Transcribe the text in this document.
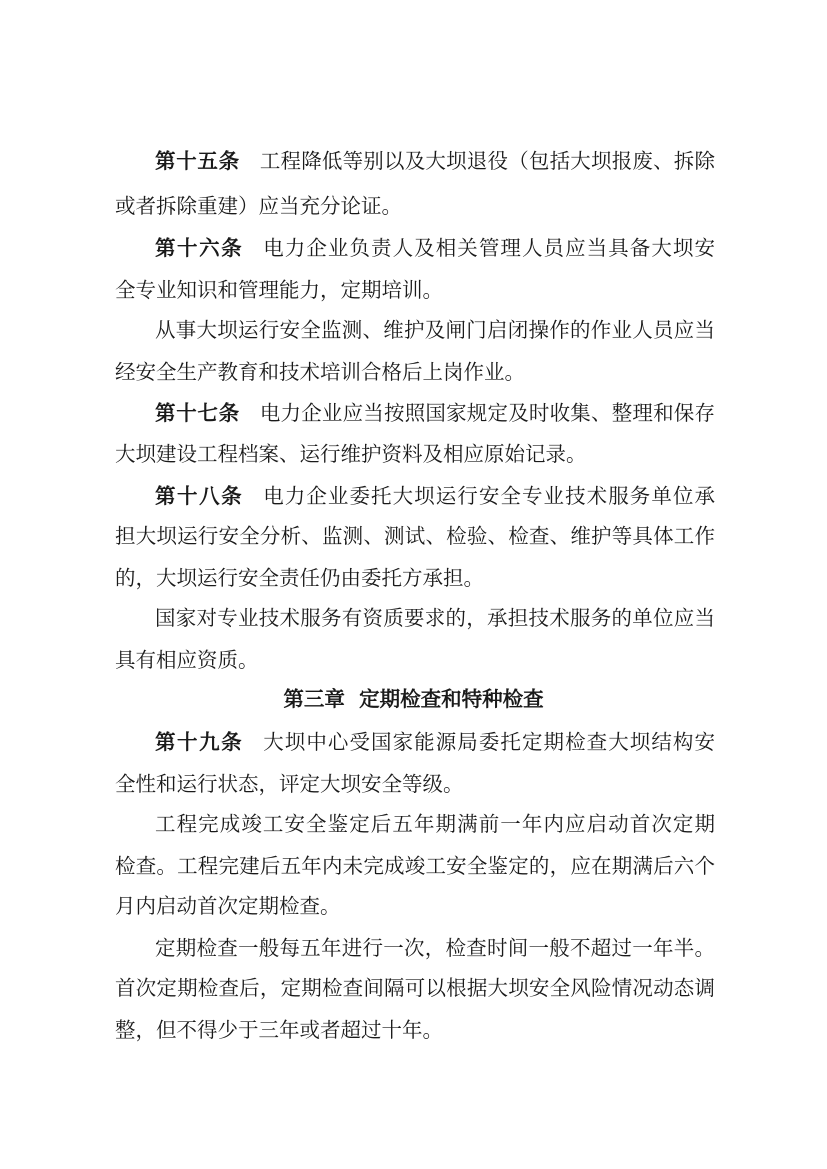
第十五条 工程降低等别以及大坝退役（包括大坝报废、拆除
或者拆除重建）应当充分论证。
第十六条 电力企业负责人及相关管理人员应当具备大坝安
全专业知识和管理能力，定期培训。
从事大坝运行安全监测、维护及闸门启闭操作的作业人员应当
经安全生产教育和技术培训合格后上岗作业。
第十七条 电力企业应当按照国家规定及时收集、整理和保存
大坝建设工程档案、运行维护资料及相应原始记录。
第十八条 电力企业委托大坝运行安全专业技术服务单位承
担大坝运行安全分析、监测、测试、检验、检查、维护等具体工作
的，大坝运行安全责任仍由委托方承担。
国家对专业技术服务有资质要求的，承担技术服务的单位应当
具有相应资质。
第三章  定期检查和特种检查
第十九条 大坝中心受国家能源局委托定期检查大坝结构安
全性和运行状态，评定大坝安全等级。
工程完成竣工安全鉴定后五年期满前一年内应启动首次定期
检查。工程完建后五年内未完成竣工安全鉴定的，应在期满后六个
月内启动首次定期检查。
定期检查一般每五年进行一次，检查时间一般不超过一年半。
首次定期检查后，定期检查间隔可以根据大坝安全风险情况动态调
整，但不得少于三年或者超过十年。
